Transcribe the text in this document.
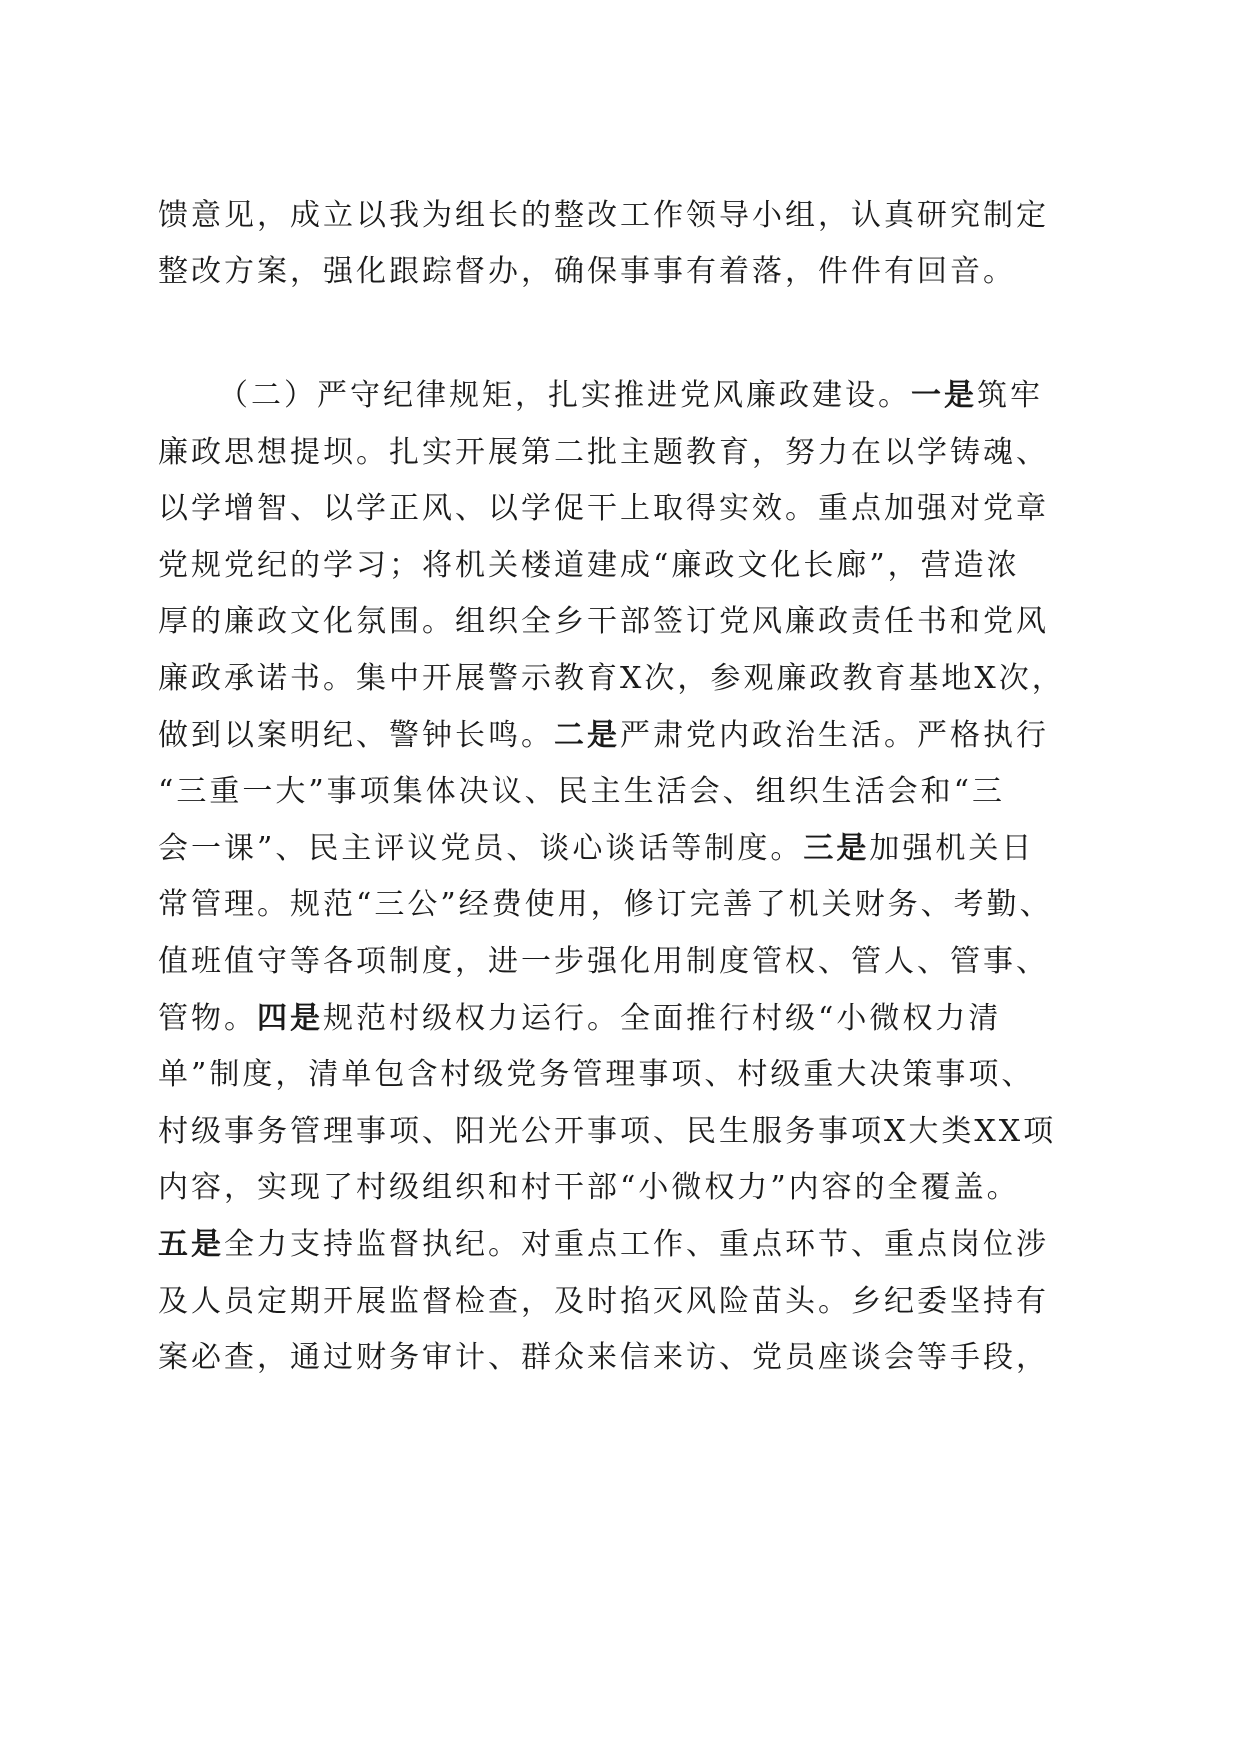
馈意见，成立以我为组长的整改工作领导小组，认真研究制定
整改方案，强化跟踪督办，确保事事有着落，件件有回音。
（二）严守纪律规矩，扎实推进党风廉政建设。一是筑牢
廉政思想提坝。扎实开展第二批主题教育，努力在以学铸魂、
以学增智、以学正风、以学促干上取得实效。重点加强对党章
党规党纪的学习；将机关楼道建成“廉政文化长廊”，营造浓
厚的廉政文化氛围。组织全乡干部签订党风廉政责任书和党风
廉政承诺书。集中开展警示教育X次，参观廉政教育基地X次，
做到以案明纪、警钟长鸣。二是严肃党内政治生活。严格执行
“三重一大”事项集体决议、民主生活会、组织生活会和“三
会一课”、民主评议党员、谈心谈话等制度。三是加强机关日
常管理。规范“三公”经费使用，修订完善了机关财务、考勤、
值班值守等各项制度，进一步强化用制度管权、管人、管事、
管物。四是规范村级权力运行。全面推行村级“小微权力清
单”制度，清单包含村级党务管理事项、村级重大决策事项、
村级事务管理事项、阳光公开事项、民生服务事项X大类XX项
内容，实现了村级组织和村干部“小微权力”内容的全覆盖。
五是全力支持监督执纪。对重点工作、重点环节、重点岗位涉
及人员定期开展监督检查，及时掐灭风险苗头。乡纪委坚持有
案必查，通过财务审计、群众来信来访、党员座谈会等手段，
